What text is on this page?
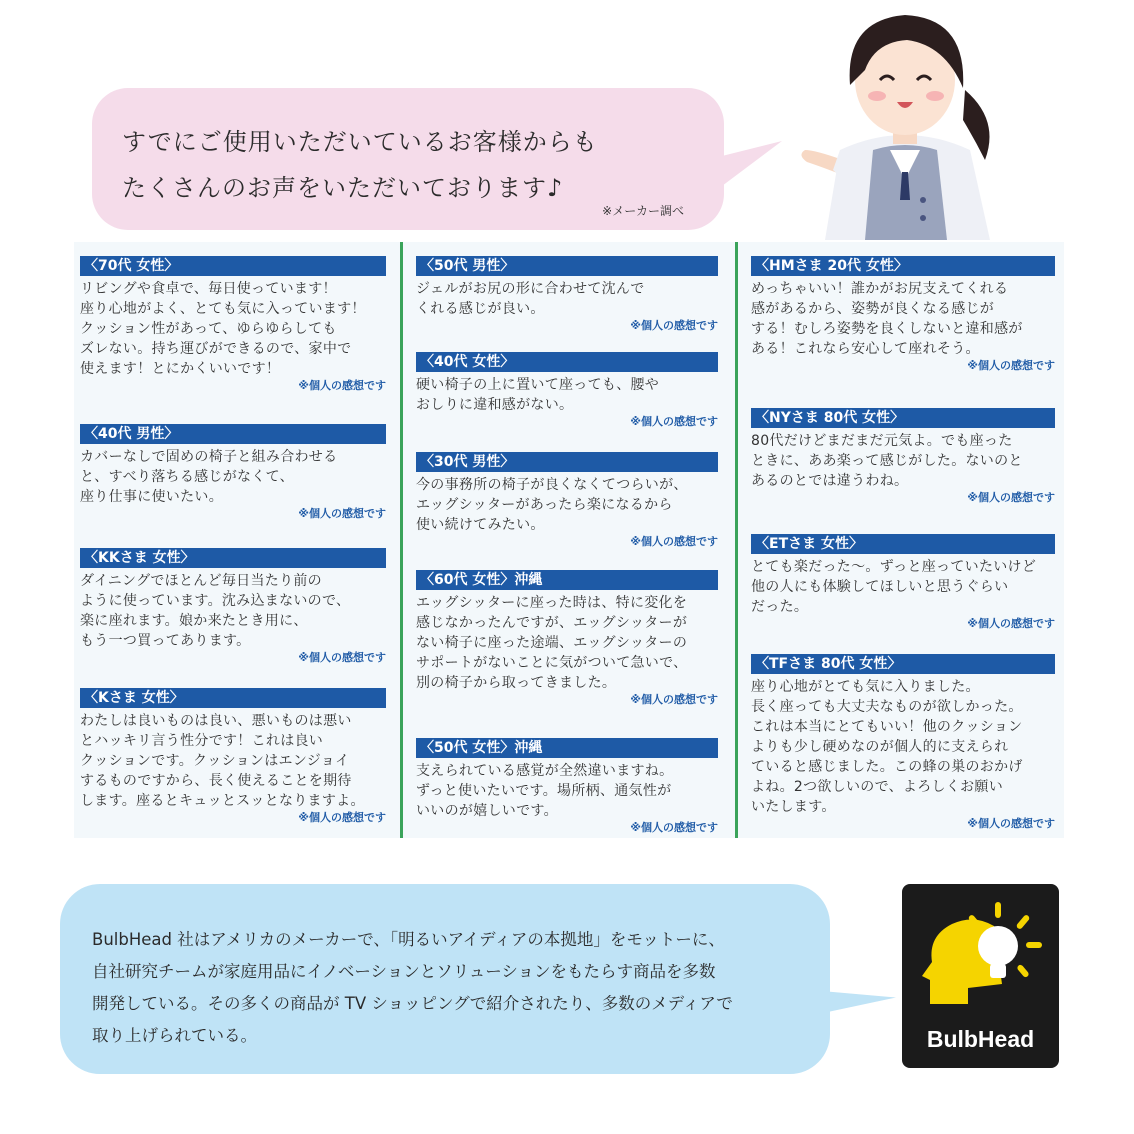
すでにご使用いただいているお客様からも
たくさんのお声をいただいております♪
※メーカー調べ
〈70代 女性〉
リビングや食卓で、毎日使っています！
座り心地がよく、とても気に入っています！
クッション性があって、ゆらゆらしても
ズレない。持ち運びができるので、家中で
使えます！とにかくいいです！
※個人の感想です
〈40代 男性〉
カバーなしで固めの椅子と組み合わせる
と、すべり落ちる感じがなくて、
座り仕事に使いたい。
※個人の感想です
〈KKさま 女性〉
ダイニングでほとんど毎日当たり前の
ように使っています。沈み込まないので、
楽に座れます。娘か来たとき用に、
もう一つ買ってあります。
※個人の感想です
〈Kさま 女性〉
わたしは良いものは良い、悪いものは悪い
とハッキリ言う性分です！これは良い
クッションです。クッションはエンジョイ
するものですから、長く使えることを期待
します。座るとキュッとスッとなりますよ。
※個人の感想です
〈50代 男性〉
ジェルがお尻の形に合わせて沈んで
くれる感じが良い。
※個人の感想です
〈40代 女性〉
硬い椅子の上に置いて座っても、腰や
おしりに違和感がない。
※個人の感想です
〈30代 男性〉
今の事務所の椅子が良くなくてつらいが、
エッグシッターがあったら楽になるから
使い続けてみたい。
※個人の感想です
〈60代 女性〉沖縄
エッグシッターに座った時は、特に変化を
感じなかったんですが、エッグシッターが
ない椅子に座った途端、エッグシッターの
サポートがないことに気がついて急いで、
別の椅子から取ってきました。
※個人の感想です
〈50代 女性〉沖縄
支えられている感覚が全然違いますね。
ずっと使いたいです。場所柄、通気性が
いいのが嬉しいです。
※個人の感想です
〈HMさま 20代 女性〉
めっちゃいい！誰かがお尻支えてくれる
感があるから、姿勢が良くなる感じが
する！むしろ姿勢を良くしないと違和感が
ある！これなら安心して座れそう。
※個人の感想です
〈NYさま 80代 女性〉
80代だけどまだまだ元気よ。でも座った
ときに、ああ楽って感じがした。ないのと
あるのとでは違うわね。
※個人の感想です
〈ETさま 女性〉
とても楽だった～。ずっと座っていたいけど
他の人にも体験してほしいと思うぐらい
だった。
※個人の感想です
〈TFさま 80代 女性〉
座り心地がとても気に入りました。
長く座っても大丈夫なものが欲しかった。
これは本当にとてもいい！他のクッション
よりも少し硬めなのが個人的に支えられ
ていると感じました。この蜂の巣のおかげ
よね。2つ欲しいので、よろしくお願い
いたします。
※個人の感想です
BulbHead 社はアメリカのメーカーで、「明るいアイディアの本拠地」をモットーに、
自社研究チームが家庭用品にイノベーションとソリューションをもたらす商品を多数
開発している。その多くの商品が TV ショッピングで紹介されたり、多数のメディアで
取り上げられている。	BulbHead
